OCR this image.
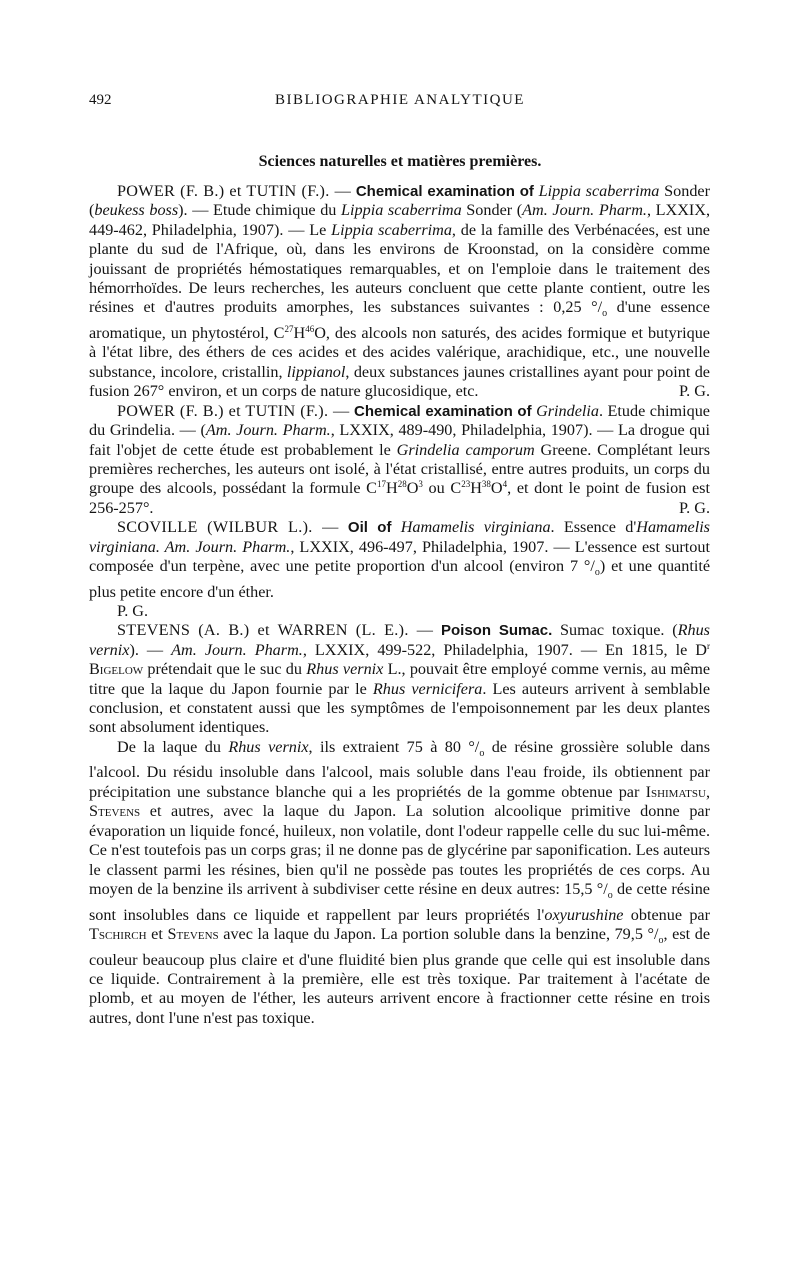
492	BIBLIOGRAPHIE ANALYTIQUE
Sciences naturelles et matières premières.

POWER (F. B.) et TUTIN (F.). — Chemical examination of Lippia scaberrima Sonder (beukess boss). — Etude chimique du Lippia scaberrima Sonder (Am. Journ. Pharm., LXXIX, 449-462, Philadelphia, 1907). — Le Lippia scaberrima, de la famille des Verbénacées, est une plante du sud de l'Afrique, où, dans les environs de Kroonstad, on la considère comme jouissant de propriétés hémostatiques remarquables, et on l'emploie dans le traitement des hémorrhoïdes. De leurs recherches, les auteurs concluent que cette plante contient, outre les résines et d'autres produits amorphes, les substances suivantes : 0,25 $^\circ/_o$ d'une essence aromatique, un phytostérol, $C^{27}H^{46}O$, des alcools non saturés, des acides formique et butyrique à l'état libre, des éthers de ces acides et des acides valérique, arachidique, etc., une nouvelle substance, incolore, cristallin, lippianol, deux substances jaunes cristallines ayant pour point de fusion 267° environ, et un corps de nature glucosidique, etc.	P. G.

POWER (F. B.) et TUTIN (F.). — Chemical examination of Grindelia. Etude chimique du Grindelia. — (Am. Journ. Pharm., LXXIX, 489-490, Philadelphia, 1907). — La drogue qui fait l'objet de cette étude est probablement le Grindelia camporum Greene. Complétant leurs premières recherches, les auteurs ont isolé, à l'état cristallisé, entre autres produits, un corps du groupe des alcools, possédant la formule $C^{17}H^{28}O^3$ ou $C^{23}H^{38}O^4$, et dont le point de fusion est 256-257°.	P. G.

SCOVILLE (WILBUR L.). — Oil of Hamamelis virginiana. Essence d'Hamamelis virginiana. Am. Journ. Pharm., LXXIX, 496-497, Philadelphia, 1907. — L'essence est surtout composée d'un terpène, avec une petite proportion d'un alcool (environ 7 $^\circ/_o$) et une quantité plus petite encore d'un éther.

P. G.

STEVENS (A. B.) et WARREN (L. E.). — Poison Sumac. Sumac toxique. (Rhus vernix). — Am. Journ. Pharm., LXXIX, 499-522, Philadelphia, 1907. — En 1815, le $D^r$ Bigelow prétendait que le suc du Rhus vernix L., pouvait être employé comme vernis, au même titre que la laque du Japon fournie par le Rhus vernicifera. Les auteurs arrivent à semblable conclusion, et constatent aussi que les symptômes de l'empoisonnement par les deux plantes sont absolument identiques.

De la laque du Rhus vernix, ils extraient 75 à 80 $^\circ/_o$ de résine grossière soluble dans l'alcool. Du résidu insoluble dans l'alcool, mais soluble dans l'eau froide, ils obtiennent par précipitation une substance blanche qui a les propriétés de la gomme obtenue par Ishimatsu, Stevens et autres, avec la laque du Japon. La solution alcoolique primitive donne par évaporation un liquide foncé, huileux, non volatile, dont l'odeur rappelle celle du suc lui-même. Ce n'est toutefois pas un corps gras; il ne donne pas de glycérine par saponification. Les auteurs le classent parmi les résines, bien qu'il ne possède pas toutes les propriétés de ces corps. Au moyen de la benzine ils arrivent à subdiviser cette résine en deux autres: 15,5 $^\circ/_o$ de cette résine sont insolubles dans ce liquide et rappellent par leurs propriétés l'oxyurushine obtenue par Tschirch et Stevens avec la laque du Japon. La portion soluble dans la benzine, 79,5 $^\circ/_o$, est de couleur beaucoup plus claire et d'une fluidité bien plus grande que celle qui est insoluble dans ce liquide. Contrairement à la première, elle est très toxique. Par traitement à l'acétate de plomb, et au moyen de l'éther, les auteurs arrivent encore à fractionner cette résine en trois autres, dont l'une n'est pas toxique.
